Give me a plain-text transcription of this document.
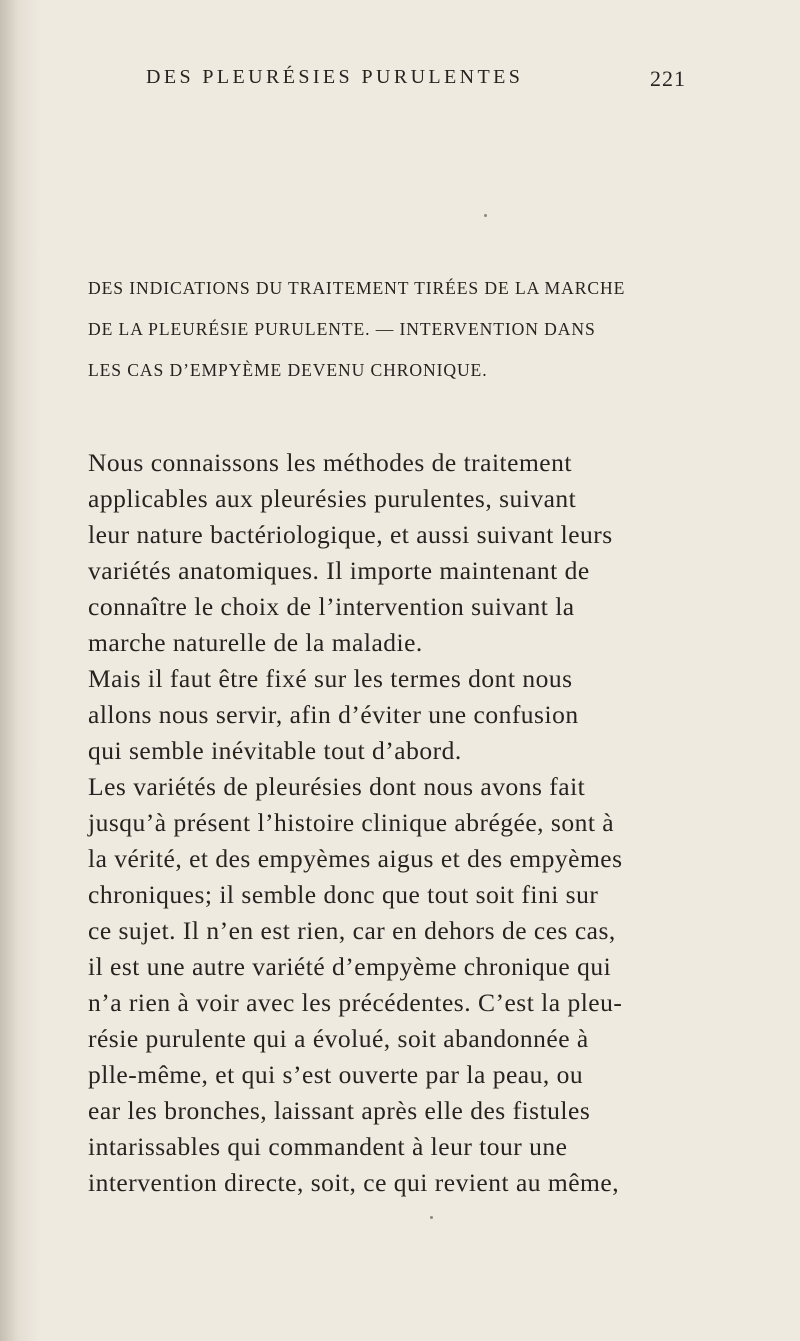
DES PLEURÉSIES PURULENTES	221
DES INDICATIONS DU TRAITEMENT TIRÉES DE LA MARCHE
DE LA PLEURÉSIE PURULENTE. — INTERVENTION DANS
LES CAS D’EMPYÈME DEVENU CHRONIQUE.
Nous connaissons les méthodes de traitement
applicables aux pleurésies purulentes, suivant
leur nature bactériologique, et aussi suivant leurs
variétés anatomiques. Il importe maintenant de
connaître le choix de l’intervention suivant la
marche naturelle de la maladie.
Mais il faut être fixé sur les termes dont nous
allons nous servir, afin d’éviter une confusion
qui semble inévitable tout d’abord.
Les variétés de pleurésies dont nous avons fait
jusqu’à présent l’histoire clinique abrégée, sont à
la vérité, et des empyèmes aigus et des empyèmes
chroniques; il semble donc que tout soit fini sur
ce sujet. Il n’en est rien, car en dehors de ces cas,
il est une autre variété d’empyème chronique qui
n’a rien à voir avec les précédentes. C’est la pleu-
résie purulente qui a évolué, soit abandonnée à
plle-même, et qui s’est ouverte par la peau, ou
ear les bronches, laissant après elle des fistules
intarissables qui commandent à leur tour une
intervention directe, soit, ce qui revient au même,
